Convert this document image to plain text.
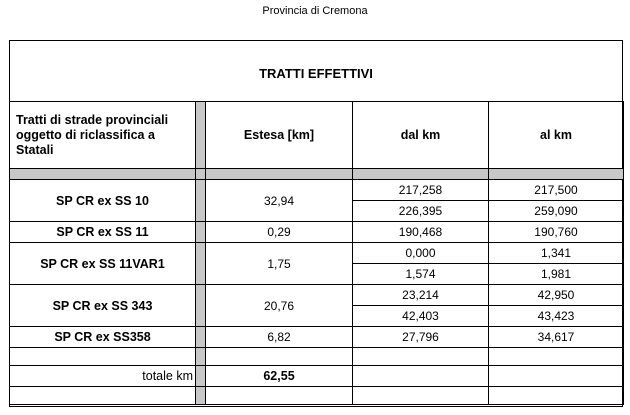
Provincia di Cremona
TRATTI EFFETTIVI
Tratti di strade provinciali oggetto di riclassifica a Statali		Estesa [km]	dal km	al km

SP CR ex SS 10		32,94	217,258	217,500
			226,395	259,090
SP CR ex SS 11		0,29	190,468	190,760
SP CR ex SS 11VAR1		1,75	0,000	1,341
			1,574	1,981
SP CR ex SS 343		20,76	23,214	42,950
			42,403	43,423
SP CR ex SS358		6,82	27,796	34,617

totale km		62,55		
